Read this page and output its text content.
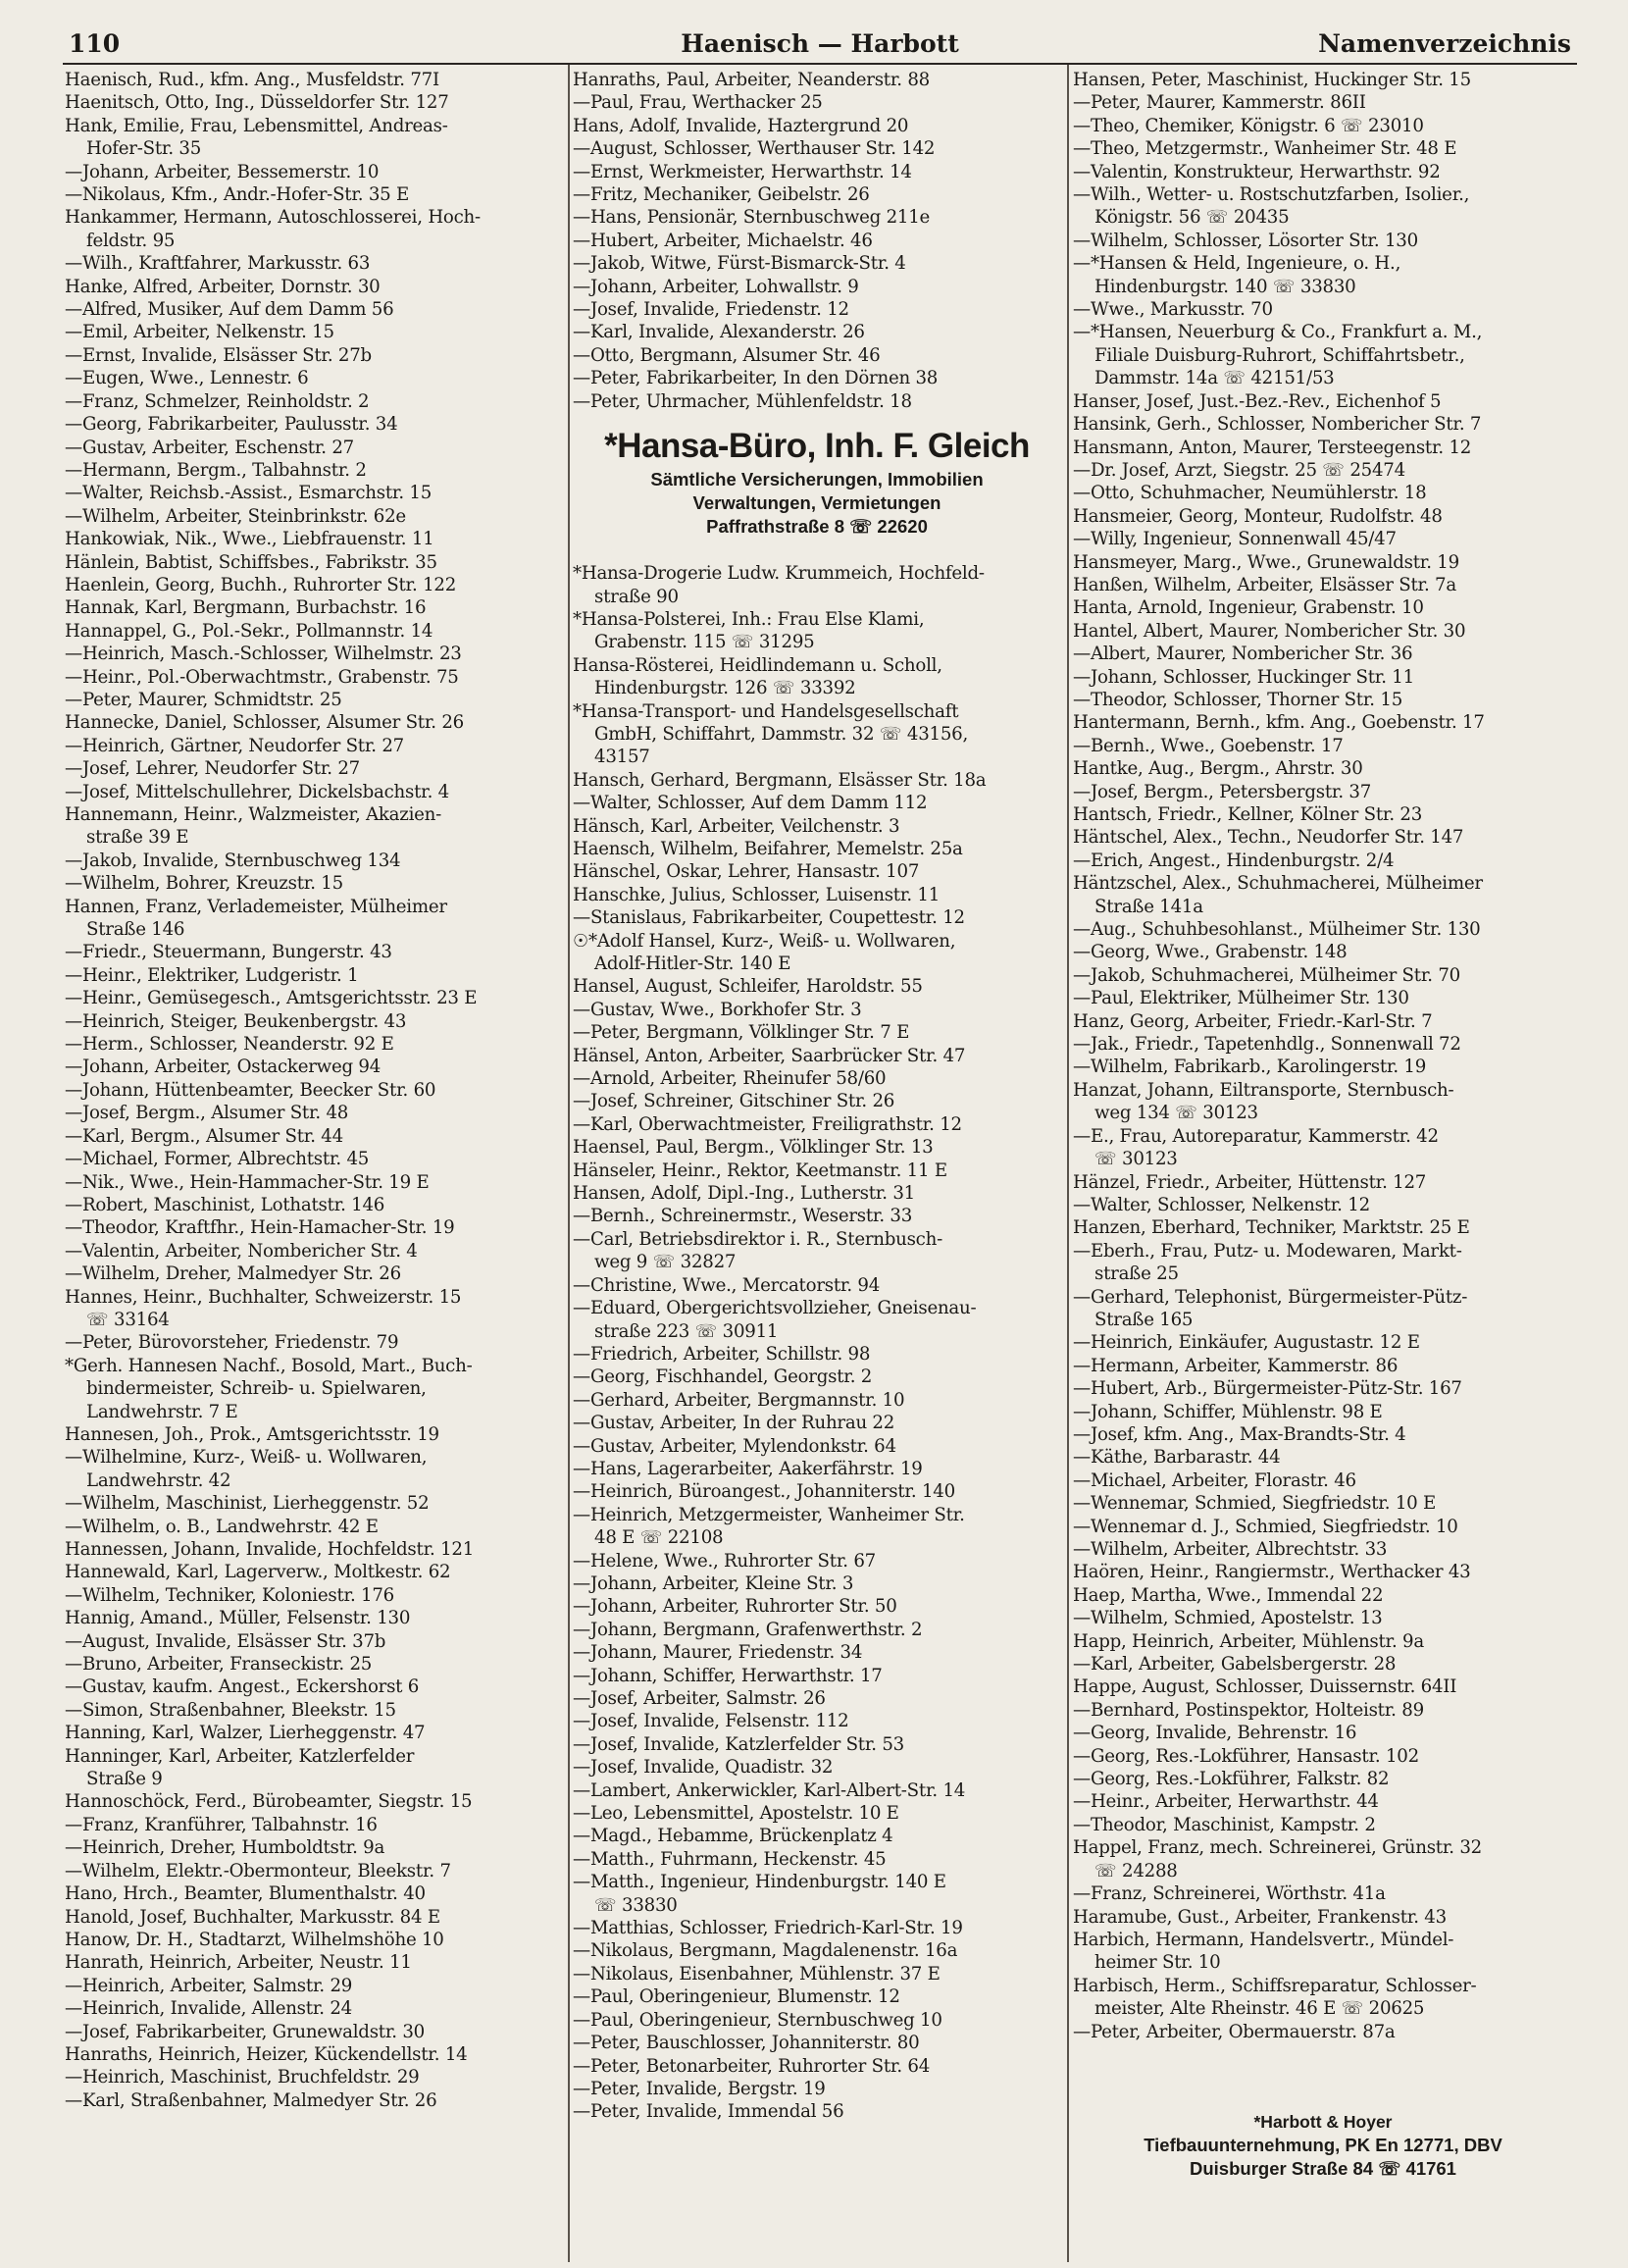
110	Haenisch — Harbott	Namenverzeichnis
Haenisch, Rud., kfm. Ang., Musfeldstr. 77I
Haenitsch, Otto, Ing., Düsseldorfer Str. 127
Hank, Emilie, Frau, Lebensmittel, Andreas-
Hofer-Str. 35
—Johann, Arbeiter, Bessemerstr. 10
—Nikolaus, Kfm., Andr.-Hofer-Str. 35 E
Hankammer, Hermann, Autoschlosserei, Hoch-
feldstr. 95
—Wilh., Kraftfahrer, Markusstr. 63
Hanke, Alfred, Arbeiter, Dornstr. 30
—Alfred, Musiker, Auf dem Damm 56
—Emil, Arbeiter, Nelkenstr. 15
—Ernst, Invalide, Elsässer Str. 27b
—Eugen, Wwe., Lennestr. 6
—Franz, Schmelzer, Reinholdstr. 2
—Georg, Fabrikarbeiter, Paulusstr. 34
—Gustav, Arbeiter, Eschenstr. 27
—Hermann, Bergm., Talbahnstr. 2
—Walter, Reichsb.-Assist., Esmarchstr. 15
—Wilhelm, Arbeiter, Steinbrinkstr. 62e
Hankowiak, Nik., Wwe., Liebfrauenstr. 11
Hänlein, Babtist, Schiffsbes., Fabrikstr. 35
Haenlein, Georg, Buchh., Ruhrorter Str. 122
Hannak, Karl, Bergmann, Burbachstr. 16
Hannappel, G., Pol.-Sekr., Pollmannstr. 14
—Heinrich, Masch.-Schlosser, Wilhelmstr. 23
—Heinr., Pol.-Oberwachtmstr., Grabenstr. 75
—Peter, Maurer, Schmidtstr. 25
Hannecke, Daniel, Schlosser, Alsumer Str. 26
—Heinrich, Gärtner, Neudorfer Str. 27
—Josef, Lehrer, Neudorfer Str. 27
—Josef, Mittelschullehrer, Dickelsbachstr. 4
Hannemann, Heinr., Walzmeister, Akazien-
straße 39 E
—Jakob, Invalide, Sternbuschweg 134
—Wilhelm, Bohrer, Kreuzstr. 15
Hannen, Franz, Verlademeister, Mülheimer
Straße 146
—Friedr., Steuermann, Bungerstr. 43
—Heinr., Elektriker, Ludgeristr. 1
—Heinr., Gemüsegesch., Amtsgerichtsstr. 23 E
—Heinrich, Steiger, Beukenbergstr. 43
—Herm., Schlosser, Neanderstr. 92 E
—Johann, Arbeiter, Ostackerweg 94
—Johann, Hüttenbeamter, Beecker Str. 60
—Josef, Bergm., Alsumer Str. 48
—Karl, Bergm., Alsumer Str. 44
—Michael, Former, Albrechtstr. 45
—Nik., Wwe., Hein-Hammacher-Str. 19 E
—Robert, Maschinist, Lothatstr. 146
—Theodor, Kraftfhr., Hein-Hamacher-Str. 19
—Valentin, Arbeiter, Nombericher Str. 4
—Wilhelm, Dreher, Malmedyer Str. 26
Hannes, Heinr., Buchhalter, Schweizerstr. 15
☏ 33164
—Peter, Bürovorsteher, Friedenstr. 79
*Gerh. Hannesen Nachf., Bosold, Mart., Buch-
bindermeister, Schreib- u. Spielwaren,
Landwehrstr. 7 E
Hannesen, Joh., Prok., Amtsgerichtsstr. 19
—Wilhelmine, Kurz-, Weiß- u. Wollwaren,
Landwehrstr. 42
—Wilhelm, Maschinist, Lierheggenstr. 52
—Wilhelm, o. B., Landwehrstr. 42 E
Hannessen, Johann, Invalide, Hochfeldstr. 121
Hannewald, Karl, Lagerverw., Moltkestr. 62
—Wilhelm, Techniker, Koloniestr. 176
Hannig, Amand., Müller, Felsenstr. 130
—August, Invalide, Elsässer Str. 37b
—Bruno, Arbeiter, Franseckistr. 25
—Gustav, kaufm. Angest., Eckershorst 6
—Simon, Straßenbahner, Bleekstr. 15
Hanning, Karl, Walzer, Lierheggenstr. 47
Hanninger, Karl, Arbeiter, Katzlerfelder
Straße 9
Hannoschöck, Ferd., Bürobeamter, Siegstr. 15
—Franz, Kranführer, Talbahnstr. 16
—Heinrich, Dreher, Humboldtstr. 9a
—Wilhelm, Elektr.-Obermonteur, Bleekstr. 7
Hano, Hrch., Beamter, Blumenthalstr. 40
Hanold, Josef, Buchhalter, Markusstr. 84 E
Hanow, Dr. H., Stadtarzt, Wilhelmshöhe 10
Hanrath, Heinrich, Arbeiter, Neustr. 11
—Heinrich, Arbeiter, Salmstr. 29
—Heinrich, Invalide, Allenstr. 24
—Josef, Fabrikarbeiter, Grunewaldstr. 30
Hanraths, Heinrich, Heizer, Kückendellstr. 14
—Heinrich, Maschinist, Bruchfeldstr. 29
—Karl, Straßenbahner, Malmedyer Str. 26
Hanraths, Paul, Arbeiter, Neanderstr. 88
—Paul, Frau, Werthacker 25
Hans, Adolf, Invalide, Haztergrund 20
—August, Schlosser, Werthauser Str. 142
—Ernst, Werkmeister, Herwarthstr. 14
—Fritz, Mechaniker, Geibelstr. 26
—Hans, Pensionär, Sternbuschweg 211e
—Hubert, Arbeiter, Michaelstr. 46
—Jakob, Witwe, Fürst-Bismarck-Str. 4
—Johann, Arbeiter, Lohwallstr. 9
—Josef, Invalide, Friedenstr. 12
—Karl, Invalide, Alexanderstr. 26
—Otto, Bergmann, Alsumer Str. 46
—Peter, Fabrikarbeiter, In den Dörnen 38
—Peter, Uhrmacher, Mühlenfeldstr. 18
*Hansa-Büro, Inh. F. Gleich
Sämtliche Versicherungen, Immobilien
Verwaltungen, Vermietungen
Paffrathstraße 8 ☏ 22620
*Hansa-Drogerie Ludw. Krummeich, Hochfeld-
straße 90
*Hansa-Polsterei, Inh.: Frau Else Klami,
Grabenstr. 115 ☏ 31295
Hansa-Rösterei, Heidlindemann u. Scholl,
Hindenburgstr. 126 ☏ 33392
*Hansa-Transport- und Handelsgesellschaft
GmbH, Schiffahrt, Dammstr. 32 ☏ 43156,
43157
Hansch, Gerhard, Bergmann, Elsässer Str. 18a
—Walter, Schlosser, Auf dem Damm 112
Hänsch, Karl, Arbeiter, Veilchenstr. 3
Haensch, Wilhelm, Beifahrer, Memelstr. 25a
Hänschel, Oskar, Lehrer, Hansastr. 107
Hanschke, Julius, Schlosser, Luisenstr. 11
—Stanislaus, Fabrikarbeiter, Coupettestr. 12
☉*Adolf Hansel, Kurz-, Weiß- u. Wollwaren,
Adolf-Hitler-Str. 140 E
Hansel, August, Schleifer, Haroldstr. 55
—Gustav, Wwe., Borkhofer Str. 3
—Peter, Bergmann, Völklinger Str. 7 E
Hänsel, Anton, Arbeiter, Saarbrücker Str. 47
—Arnold, Arbeiter, Rheinufer 58/60
—Josef, Schreiner, Gitschiner Str. 26
—Karl, Oberwachtmeister, Freiligrathstr. 12
Haensel, Paul, Bergm., Völklinger Str. 13
Hänseler, Heinr., Rektor, Keetmanstr. 11 E
Hansen, Adolf, Dipl.-Ing., Lutherstr. 31
—Bernh., Schreinermstr., Weserstr. 33
—Carl, Betriebsdirektor i. R., Sternbusch-
weg 9 ☏ 32827
—Christine, Wwe., Mercatorstr. 94
—Eduard, Obergerichtsvollzieher, Gneisenau-
straße 223 ☏ 30911
—Friedrich, Arbeiter, Schillstr. 98
—Georg, Fischhandel, Georgstr. 2
—Gerhard, Arbeiter, Bergmannstr. 10
—Gustav, Arbeiter, In der Ruhrau 22
—Gustav, Arbeiter, Mylendonkstr. 64
—Hans, Lagerarbeiter, Aakerfährstr. 19
—Heinrich, Büroangest., Johanniterstr. 140
—Heinrich, Metzgermeister, Wanheimer Str.
48 E ☏ 22108
—Helene, Wwe., Ruhrorter Str. 67
—Johann, Arbeiter, Kleine Str. 3
—Johann, Arbeiter, Ruhrorter Str. 50
—Johann, Bergmann, Grafenwerthstr. 2
—Johann, Maurer, Friedenstr. 34
—Johann, Schiffer, Herwarthstr. 17
—Josef, Arbeiter, Salmstr. 26
—Josef, Invalide, Felsenstr. 112
—Josef, Invalide, Katzlerfelder Str. 53
—Josef, Invalide, Quadistr. 32
—Lambert, Ankerwickler, Karl-Albert-Str. 14
—Leo, Lebensmittel, Apostelstr. 10 E
—Magd., Hebamme, Brückenplatz 4
—Matth., Fuhrmann, Heckenstr. 45
—Matth., Ingenieur, Hindenburgstr. 140 E
☏ 33830
—Matthias, Schlosser, Friedrich-Karl-Str. 19
—Nikolaus, Bergmann, Magdalenenstr. 16a
—Nikolaus, Eisenbahner, Mühlenstr. 37 E
—Paul, Oberingenieur, Blumenstr. 12
—Paul, Oberingenieur, Sternbuschweg 10
—Peter, Bauschlosser, Johanniterstr. 80
—Peter, Betonarbeiter, Ruhrorter Str. 64
—Peter, Invalide, Bergstr. 19
—Peter, Invalide, Immendal 56
Hansen, Peter, Maschinist, Huckinger Str. 15
—Peter, Maurer, Kammerstr. 86II
—Theo, Chemiker, Königstr. 6 ☏ 23010
—Theo, Metzgermstr., Wanheimer Str. 48 E
—Valentin, Konstrukteur, Herwarthstr. 92
—Wilh., Wetter- u. Rostschutzfarben, Isolier.,
Königstr. 56 ☏ 20435
—Wilhelm, Schlosser, Lösorter Str. 130
—*Hansen & Held, Ingenieure, o. H.,
Hindenburgstr. 140 ☏ 33830
—Wwe., Markusstr. 70
—*Hansen, Neuerburg & Co., Frankfurt a. M.,
Filiale Duisburg-Ruhrort, Schiffahrtsbetr.,
Dammstr. 14a ☏ 42151/53
Hanser, Josef, Just.-Bez.-Rev., Eichenhof 5
Hansink, Gerh., Schlosser, Nombericher Str. 7
Hansmann, Anton, Maurer, Tersteegenstr. 12
—Dr. Josef, Arzt, Siegstr. 25 ☏ 25474
—Otto, Schuhmacher, Neumühlerstr. 18
Hansmeier, Georg, Monteur, Rudolfstr. 48
—Willy, Ingenieur, Sonnenwall 45/47
Hansmeyer, Marg., Wwe., Grunewaldstr. 19
Hanßen, Wilhelm, Arbeiter, Elsässer Str. 7a
Hanta, Arnold, Ingenieur, Grabenstr. 10
Hantel, Albert, Maurer, Nombericher Str. 30
—Albert, Maurer, Nombericher Str. 36
—Johann, Schlosser, Huckinger Str. 11
—Theodor, Schlosser, Thorner Str. 15
Hantermann, Bernh., kfm. Ang., Goebenstr. 17
—Bernh., Wwe., Goebenstr. 17
Hantke, Aug., Bergm., Ahrstr. 30
—Josef, Bergm., Petersbergstr. 37
Hantsch, Friedr., Kellner, Kölner Str. 23
Häntschel, Alex., Techn., Neudorfer Str. 147
—Erich, Angest., Hindenburgstr. 2/4
Häntzschel, Alex., Schuhmacherei, Mülheimer
Straße 141a
—Aug., Schuhbesohlanst., Mülheimer Str. 130
—Georg, Wwe., Grabenstr. 148
—Jakob, Schuhmacherei, Mülheimer Str. 70
—Paul, Elektriker, Mülheimer Str. 130
Hanz, Georg, Arbeiter, Friedr.-Karl-Str. 7
—Jak., Friedr., Tapetenhdlg., Sonnenwall 72
—Wilhelm, Fabrikarb., Karolingerstr. 19
Hanzat, Johann, Eiltransporte, Sternbusch-
weg 134 ☏ 30123
—E., Frau, Autoreparatur, Kammerstr. 42
☏ 30123
Hänzel, Friedr., Arbeiter, Hüttenstr. 127
—Walter, Schlosser, Nelkenstr. 12
Hanzen, Eberhard, Techniker, Marktstr. 25 E
—Eberh., Frau, Putz- u. Modewaren, Markt-
straße 25
—Gerhard, Telephonist, Bürgermeister-Pütz-
Straße 165
—Heinrich, Einkäufer, Augustastr. 12 E
—Hermann, Arbeiter, Kammerstr. 86
—Hubert, Arb., Bürgermeister-Pütz-Str. 167
—Johann, Schiffer, Mühlenstr. 98 E
—Josef, kfm. Ang., Max-Brandts-Str. 4
—Käthe, Barbarastr. 44
—Michael, Arbeiter, Florastr. 46
—Wennemar, Schmied, Siegfriedstr. 10 E
—Wennemar d. J., Schmied, Siegfriedstr. 10
—Wilhelm, Arbeiter, Albrechtstr. 33
Haören, Heinr., Rangiermstr., Werthacker 43
Haep, Martha, Wwe., Immendal 22
—Wilhelm, Schmied, Apostelstr. 13
Happ, Heinrich, Arbeiter, Mühlenstr. 9a
—Karl, Arbeiter, Gabelsbergerstr. 28
Happe, August, Schlosser, Duissernstr. 64II
—Bernhard, Postinspektor, Holteistr. 89
—Georg, Invalide, Behrenstr. 16
—Georg, Res.-Lokführer, Hansastr. 102
—Georg, Res.-Lokführer, Falkstr. 82
—Heinr., Arbeiter, Herwarthstr. 44
—Theodor, Maschinist, Kampstr. 2
Happel, Franz, mech. Schreinerei, Grünstr. 32
☏ 24288
—Franz, Schreinerei, Wörthstr. 41a
Haramube, Gust., Arbeiter, Frankenstr. 43
Harbich, Hermann, Handelsvertr., Mündel-
heimer Str. 10
Harbisch, Herm., Schiffsreparatur, Schlosser-
meister, Alte Rheinstr. 46 E ☏ 20625
—Peter, Arbeiter, Obermauerstr. 87a
*Harbott & Hoyer
Tiefbauunternehmung, PK En 12771, DBV
Duisburger Straße 84 ☏ 41761
